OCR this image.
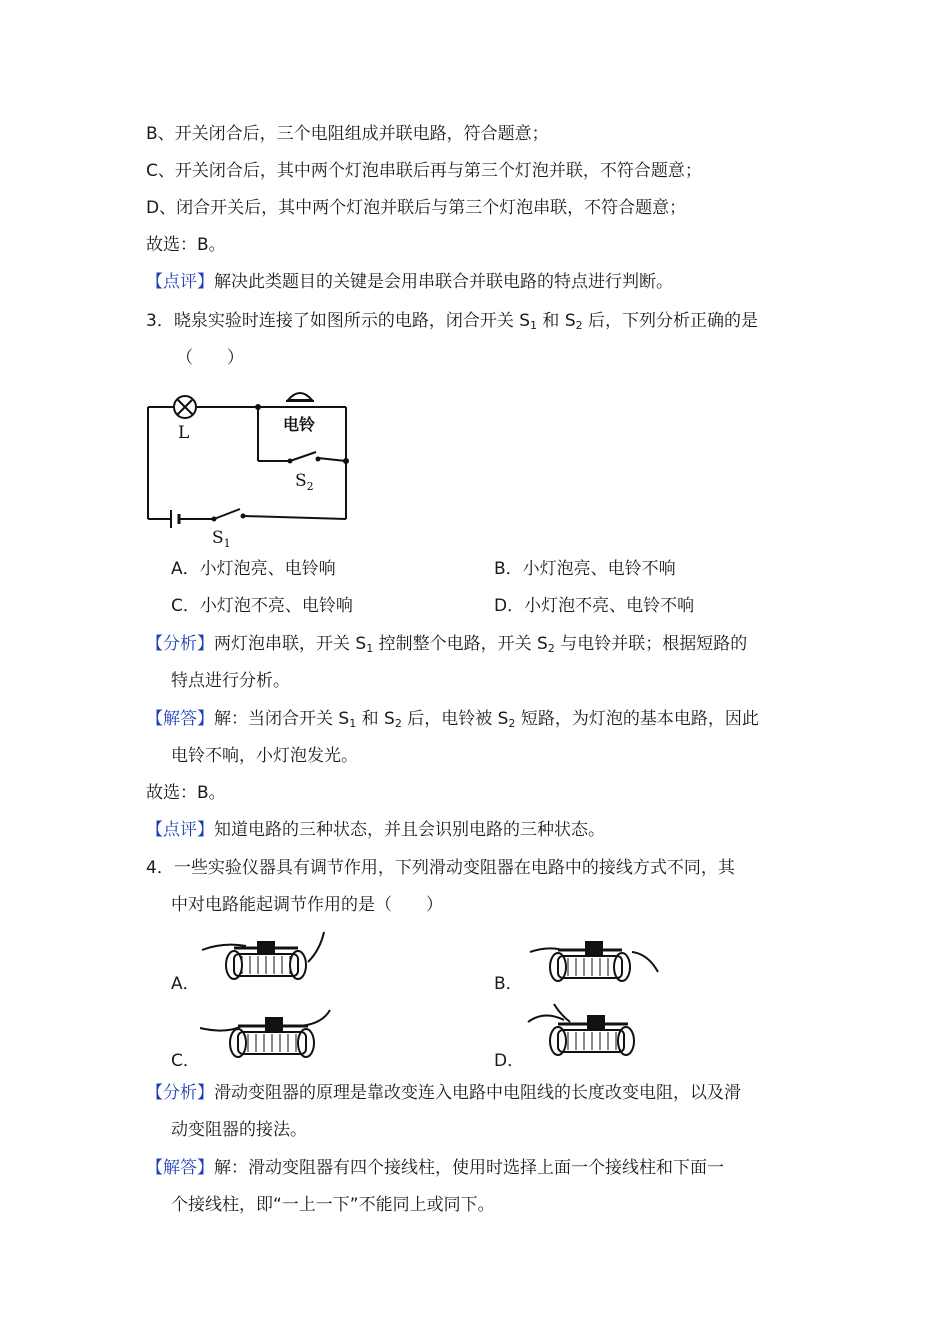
B、开关闭合后，三个电阻组成并联电路，符合题意；
C、开关闭合后，其中两个灯泡串联后再与第三个灯泡并联，不符合题意；
D、闭合开关后，其中两个灯泡并联后与第三个灯泡串联，不符合题意；
故选：B。
【点评】解决此类题目的关键是会用串联合并联电路的特点进行判断。
3．晓泉实验时连接了如图所示的电路，闭合开关 $S_1$ 和 $S_2$ 后，下列分析正确的是
（　　）
L	电铃
$S_2$
$S_1$
A．小灯泡亮、电铃响	B．小灯泡亮、电铃不响
C．小灯泡不亮、电铃响	D．小灯泡不亮、电铃不响
【分析】两灯泡串联，开关 $S_1$ 控制整个电路，开关 $S_2$ 与电铃并联；根据短路的
特点进行分析。
【解答】解：当闭合开关 $S_1$ 和 $S_2$ 后，电铃被 $S_2$ 短路，为灯泡的基本电路，因此
电铃不响，小灯泡发光。
故选：B。
【点评】知道电路的三种状态，并且会识别电路的三种状态。
4．一些实验仪器具有调节作用，下列滑动变阻器在电路中的接线方式不同，其
中对电路能起调节作用的是（　　）
A．	B．
C．	D．
【分析】滑动变阻器的原理是靠改变连入电路中电阻线的长度改变电阻，以及滑
动变阻器的接法。
【解答】解：滑动变阻器有四个接线柱，使用时选择上面一个接线柱和下面一
个接线柱，即“一上一下”不能同上或同下。
